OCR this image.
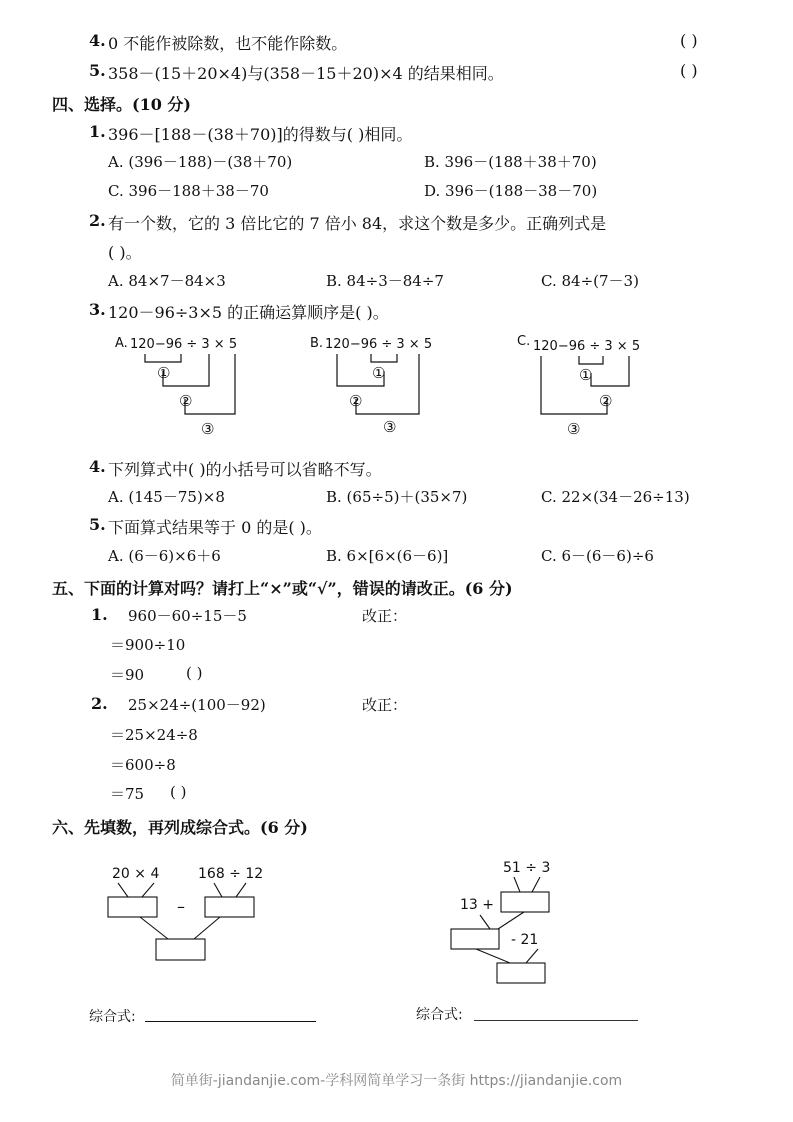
4. 0 不能作被除数，也不能作除数。	( )
5. 358－(15＋20×4)与(358－15＋20)×4 的结果相同。	( )
四、选择。(10 分)
1. 396－[188－(38＋70)]的得数与( )相同。
A. (396－188)－(38＋70)	B. 396－(188＋38＋70)
C. 396－188＋38－70	D. 396－(188－38－70)
2. 有一个数，它的 3 倍比它的 7 倍小 84，求这个数是多少。正确列式是
( )。
A. 84×7－84×3	B. 84÷3－84÷7	C. 84÷(7－3)
3. 120－96÷3×5 的正确运算顺序是( )。
A. 120−96 ÷ 3 × 5
①
②
③
B. 120−96 ÷ 3 × 5
①
②
③
C. 120−96 ÷ 3 × 5
①
②
③
4. 下列算式中( )的小括号可以省略不写。
A. (145－75)×8	B. (65÷5)＋(35×7)	C. 22×(34－26÷13)
5. 下面算式结果等于 0 的是( )。
A. (6－6)×6＋6	B. 6×[6×(6－6)]	C. 6－(6－6)÷6
五、下面的计算对吗？请打上“×”或“√”，错误的请改正。(6 分)
1. 960－60÷15－5	改正：
＝900÷10
＝90	( )
2. 25×24÷(100－92)	改正：
＝25×24÷8
＝600÷8
＝75 ( )
六、先填数，再列成综合式。(6 分)
20 × 4	168 ÷ 12
–
综合式:
51 ÷ 3
13 +
- 21
综合式:
简单街-jiandanjie.com-学科网简单学习一条街 https://jiandanjie.com
